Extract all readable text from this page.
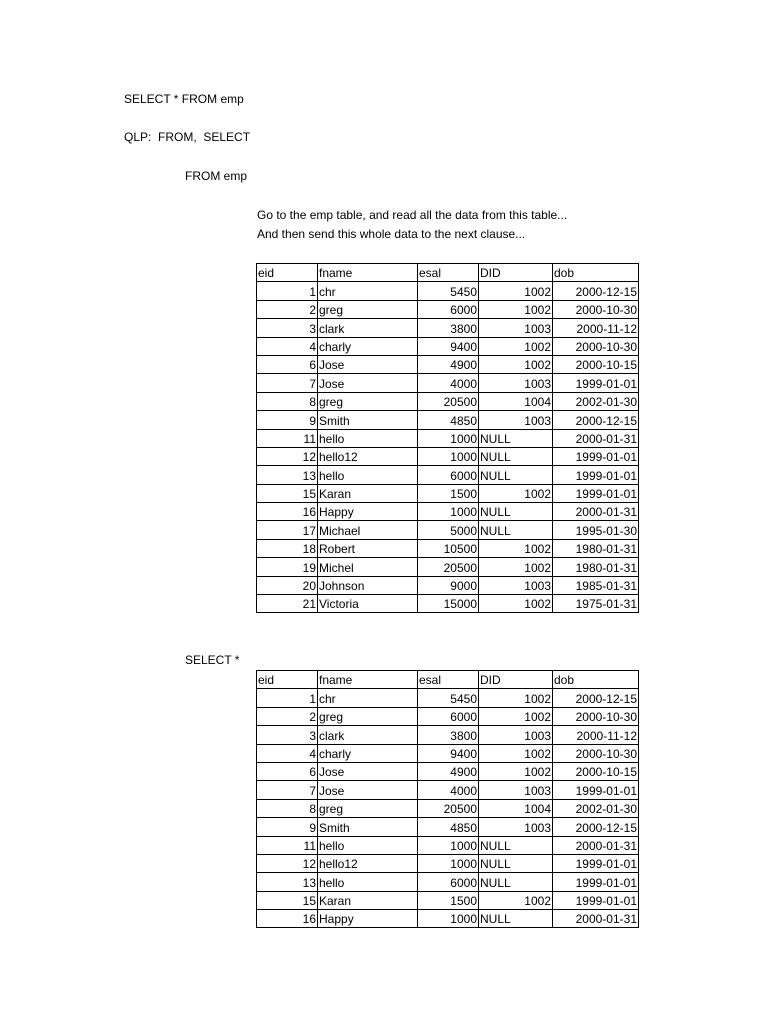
SELECT * FROM emp
QLP:  FROM,  SELECT
FROM emp
Go to the emp table, and read all the data from this table...
And then send this whole data to the next clause...
eid	fname	esal	DID	dob
1	chr	5450	1002	2000-12-15
2	greg	6000	1002	2000-10-30
3	clark	3800	1003	2000-11-12
4	charly	9400	1002	2000-10-30
6	Jose	4900	1002	2000-10-15
7	Jose	4000	1003	1999-01-01
8	greg	20500	1004	2002-01-30
9	Smith	4850	1003	2000-12-15
11	hello	1000	NULL	2000-01-31
12	hello12	1000	NULL	1999-01-01
13	hello	6000	NULL	1999-01-01
15	Karan	1500	1002	1999-01-01
16	Happy	1000	NULL	2000-01-31
17	Michael	5000	NULL	1995-01-30
18	Robert	10500	1002	1980-01-31
19	Michel	20500	1002	1980-01-31
20	Johnson	9000	1003	1985-01-31
21	Victoria	15000	1002	1975-01-31
SELECT *
eid	fname	esal	DID	dob
1	chr	5450	1002	2000-12-15
2	greg	6000	1002	2000-10-30
3	clark	3800	1003	2000-11-12
4	charly	9400	1002	2000-10-30
6	Jose	4900	1002	2000-10-15
7	Jose	4000	1003	1999-01-01
8	greg	20500	1004	2002-01-30
9	Smith	4850	1003	2000-12-15
11	hello	1000	NULL	2000-01-31
12	hello12	1000	NULL	1999-01-01
13	hello	6000	NULL	1999-01-01
15	Karan	1500	1002	1999-01-01
16	Happy	1000	NULL	2000-01-31
